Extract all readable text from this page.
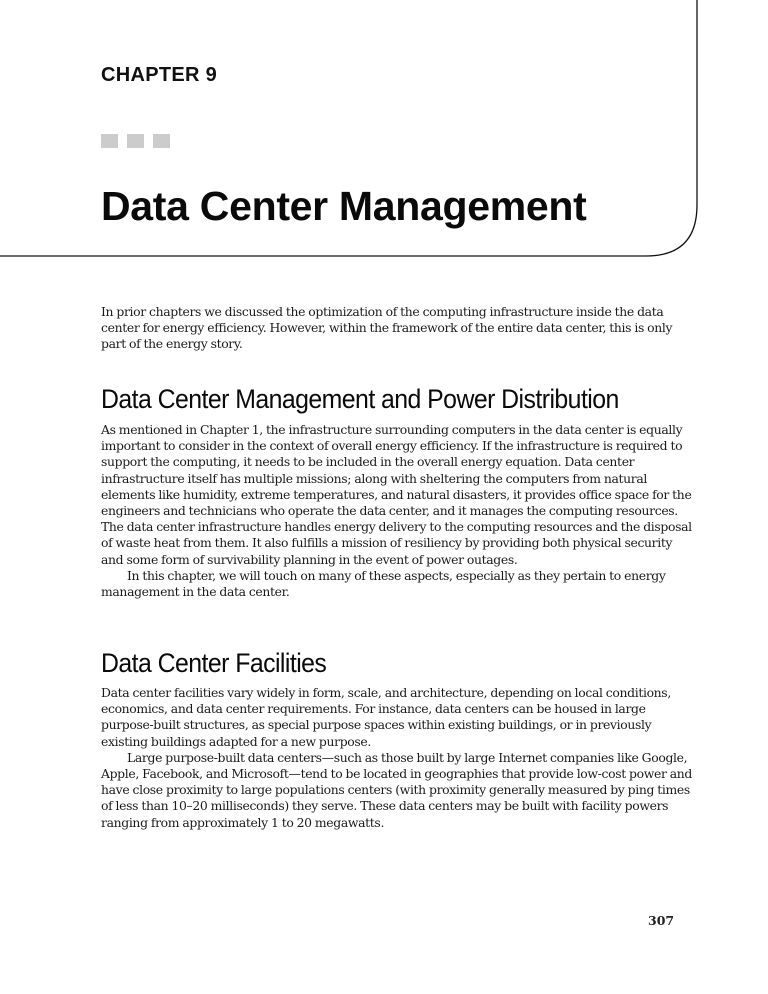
CHAPTER 9
Data Center Management

In prior chapters we discussed the optimization of the computing infrastructure inside the data center for energy efficiency. However, within the framework of the entire data center, this is only part of the energy story.

Data Center Management and Power Distribution

As mentioned in Chapter 1, the infrastructure surrounding computers in the data center is equally important to consider in the context of overall energy efficiency. If the infrastructure is required to support the computing, it needs to be included in the overall energy equation. Data center infrastructure itself has multiple missions; along with sheltering the computers from natural elements like humidity, extreme temperatures, and natural disasters, it provides office space for the engineers and technicians who operate the data center, and it manages the computing resources. The data center infrastructure handles energy delivery to the computing resources and the disposal of waste heat from them. It also fulfills a mission of resiliency by providing both physical security and some form of survivability planning in the event of power outages.

In this chapter, we will touch on many of these aspects, especially as they pertain to energy management in the data center.

Data Center Facilities

Data center facilities vary widely in form, scale, and architecture, depending on local conditions, economics, and data center requirements. For instance, data centers can be housed in large purpose-built structures, as special purpose spaces within existing buildings, or in previously existing buildings adapted for a new purpose.

Large purpose-built data centers—such as those built by large Internet companies like Google, Apple, Facebook, and Microsoft—tend to be located in geographies that provide low-cost power and have close proximity to large populations centers (with proximity generally measured by ping times of less than 10–20 milliseconds) they serve. These data centers may be built with facility powers ranging from approximately 1 to 20 megawatts.

307
